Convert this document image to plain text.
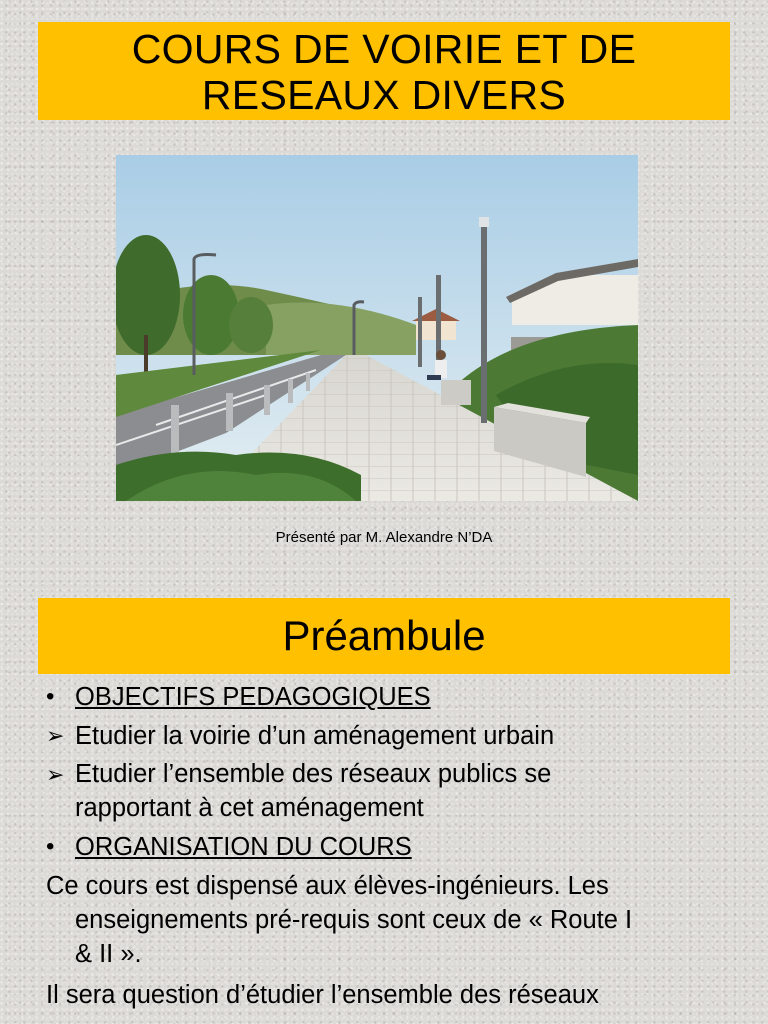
COURS DE VOIRIE ET DE
RESEAUX DIVERS
Présenté par M. Alexandre N’DA
Préambule
• OBJECTIFS PEDAGOGIQUES
➢ Etudier la voirie d’un aménagement urbain
➢ Etudier l’ensemble des réseaux publics se
rapportant à cet aménagement
• ORGANISATION DU COURS
Ce cours est dispensé aux élèves-ingénieurs. Les
enseignements pré-requis sont ceux de « Route I
& II ».
Il sera question d’étudier l’ensemble des réseaux
